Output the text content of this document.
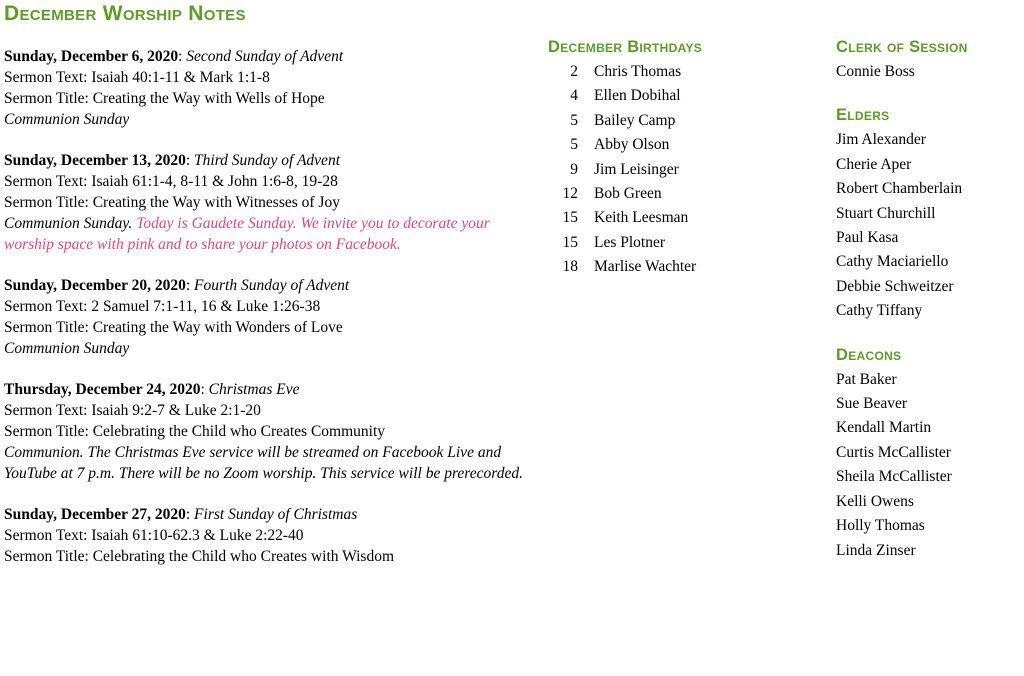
December Worship Notes
Sunday, December 6, 2020: Second Sunday of Advent
Sermon Text: Isaiah 40:1-11 & Mark 1:1-8
Sermon Title: Creating the Way with Wells of Hope
Communion Sunday
Sunday, December 13, 2020: Third Sunday of Advent
Sermon Text: Isaiah 61:1-4, 8-11 & John 1:6-8, 19-28
Sermon Title: Creating the Way with Witnesses of Joy
Communion Sunday. Today is Gaudete Sunday. We invite you to decorate your worship space with pink and to share your photos on Facebook.
Sunday, December 20, 2020: Fourth Sunday of Advent
Sermon Text: 2 Samuel 7:1-11, 16 & Luke 1:26-38
Sermon Title: Creating the Way with Wonders of Love
Communion Sunday
Thursday, December 24, 2020: Christmas Eve
Sermon Text: Isaiah 9:2-7 & Luke 2:1-20
Sermon Title: Celebrating the Child who Creates Community
Communion. The Christmas Eve service will be streamed on Facebook Live and YouTube at 7 p.m. There will be no Zoom worship. This service will be prerecorded.
Sunday, December 27, 2020: First Sunday of Christmas
Sermon Text: Isaiah 61:10-62.3 & Luke 2:22-40
Sermon Title: Celebrating the Child who Creates with Wisdom
December Birthdays
2	Chris Thomas
4	Ellen Dobihal
5	Bailey Camp
5	Abby Olson
9	Jim Leisinger
12	Bob Green
15	Keith Leesman
15	Les Plotner
18	Marlise Wachter
Clerk of Session
Connie Boss
Elders
Jim Alexander
Cherie Aper
Robert Chamberlain
Stuart Churchill
Paul Kasa
Cathy Maciariello
Debbie Schweitzer
Cathy Tiffany
Deacons
Pat Baker
Sue Beaver
Kendall Martin
Curtis McCallister
Sheila McCallister
Kelli Owens
Holly Thomas
Linda Zinser
